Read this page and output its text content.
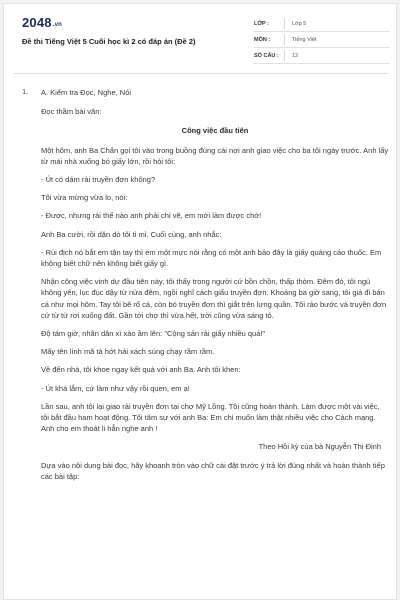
2048.vn
Đề thi Tiếng Việt 5 Cuối học kì 2 có đáp án (Đề 2)
LỚP :	Lớp 5
MÔN :	Tiếng Việt
SỐ CÂU :	12
1. A. Kiểm tra Đọc, Nghe, Nói
Đọc thầm bài văn:
Công việc đầu tiên
Một hôm, anh Ba Chẩn gọi tôi vào trong buồng đúng cái nơi anh giao việc cho ba tôi ngày trước. Anh lấy từ mái nhà xuống bó giấy lớn, rồi hỏi tôi:
- Út có dám rải truyền đơn không?
Tôi vừa mừng vừa lo, nói:
- Được, nhưng rải thế nào anh phải chỉ vẽ, em mới làm được chớ!
Anh Ba cười, rồi dặn dò tôi tỉ mỉ. Cuối cùng, anh nhắc:
- Rủi địch nó bắt em tận tay thì em một mực nói rằng có một anh bảo đây là giấy quảng cáo thuốc. Em không biết chữ nên không biết giấy gì.
Nhận công việc vinh dự đầu tiên này, tôi thấy trong người cứ bồn chồn, thấp thỏm. Đêm đó, tôi ngủ không yên, lục đục dậy từ nửa đêm, ngồi nghĩ cách giấu truyền đơn. Khoảng ba giờ sang, tôi giả đi bán cá như mọi hôm. Tay tôi bê rổ cá, còn bó truyền đơn thì giắt trên lưng quần. Tôi rảo bước và truyền đơn cứ từ từ rơi xuống đất. Gần tới chợ thì vừa hết, trời cũng vừa sáng tỏ.
Độ tám giờ, nhân dân xì xào ầm lên: "Cộng sản rải giấy nhiều quá!"
Mấy tên lính mã tà hớt hải xách súng chạy rầm rầm.
Về đến nhà, tôi khoe ngay kết quả với anh Ba. Anh tôi khen:
- Út khá lắm, cứ làm như vậy rồi quen, em ạ!
Lần sau, anh tôi lại giao rải truyền đơn tại chợ Mỹ Lồng. Tôi cũng hoàn thành. Làm được một vài việc, tôi bắt đầu ham hoạt động. Tôi tâm sự với anh Ba: Em chỉ muốn làm thật nhiều việc cho Cách mạng. Anh cho em thoát li hẳn nghe anh !
Theo Hồi ký của bà Nguyễn Thị Định
Dựa vào nội dung bài đọc, hãy khoanh tròn vào chữ cái đặt trước ý trả lời đúng nhất và hoàn thành tiếp các bài tập:
